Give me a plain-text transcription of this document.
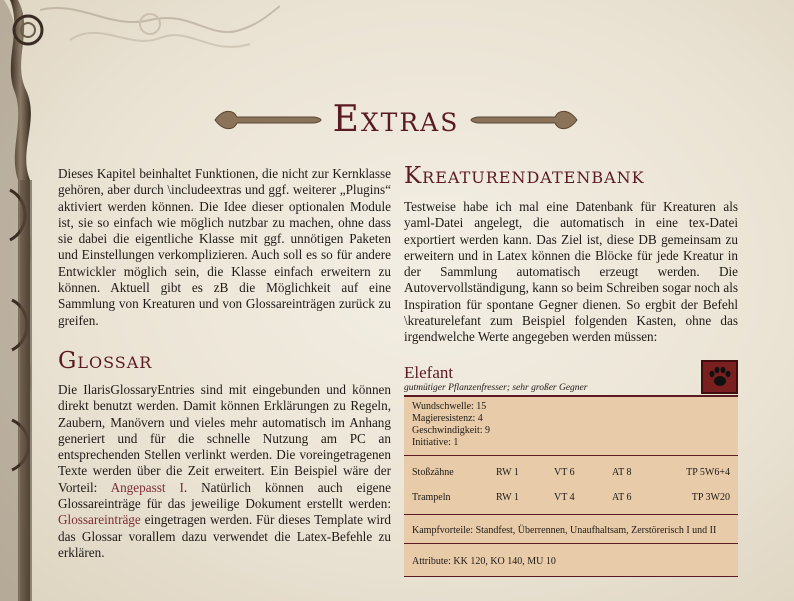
Extras
Dieses Kapitel beinhaltet Funktionen, die nicht zur Kernklasse gehören, aber durch \includeextras und ggf. weiterer „Plugins“ aktiviert werden können. Die Idee dieser optionalen Module ist, sie so einfach wie möglich nutzbar zu machen, ohne dass sie dabei die eigentliche Klasse mit ggf. unnötigen Paketen und Einstellungen verkomplizieren. Auch soll es so für andere Entwickler möglich sein, die Klasse einfach erweitern zu können. Aktuell gibt es zB die Möglichkeit auf eine Sammlung von Kreaturen und von Glossareinträgen zurück zu greifen.
Glossar
Die IlarisGlossaryEntries sind mit eingebunden und können direkt benutzt werden. Damit können Erklärungen zu Regeln, Zaubern, Manövern und vieles mehr automatisch im Anhang generiert und für die schnelle Nutzung am PC an entsprechenden Stellen verlinkt werden. Die voreingetragenen Texte werden über die Zeit erweitert. Ein Beispiel wäre der Vorteil: Angepasst I. Natürlich können auch eigene Glossareinträge für das jeweilige Dokument erstellt werden: Glossareinträge eingetragen werden. Für dieses Template wird das Glossar vorallem dazu verwendet die Latex-Befehle zu erklären.
Kreaturendatenbank
Testweise habe ich mal eine Datenbank für Kreaturen als yaml-Datei angelegt, die automatisch in eine tex-Datei exportiert werden kann. Das Ziel ist, diese DB gemeinsam zu erweitern und in Latex können die Blöcke für jede Kreatur in der Sammlung automatisch erzeugt werden. Die Autovervollständigung, kann so beim Schreiben sogar noch als Inspiration für spontane Gegner dienen. So ergbit der Befehl \kreaturelefant zum Beispiel folgenden Kasten, ohne das irgendwelche Werte angegeben werden müssen:
Elefant
gutmütiger Pflanzenfresser; sehr großer Gegner
Wundschwelle: 15
Magieresistenz: 4
Geschwindigkeit: 9
Initiative: 1
Stoßzähne	RW 1	VT 6	AT 8	TP 5W6+4
Trampeln	RW 1	VT 4	AT 6	TP 3W20
Kampfvorteile: Standfest, Überrennen, Unaufhaltsam, Zerstörerisch I und II
Attribute: KK 120, KO 140, MU 10
